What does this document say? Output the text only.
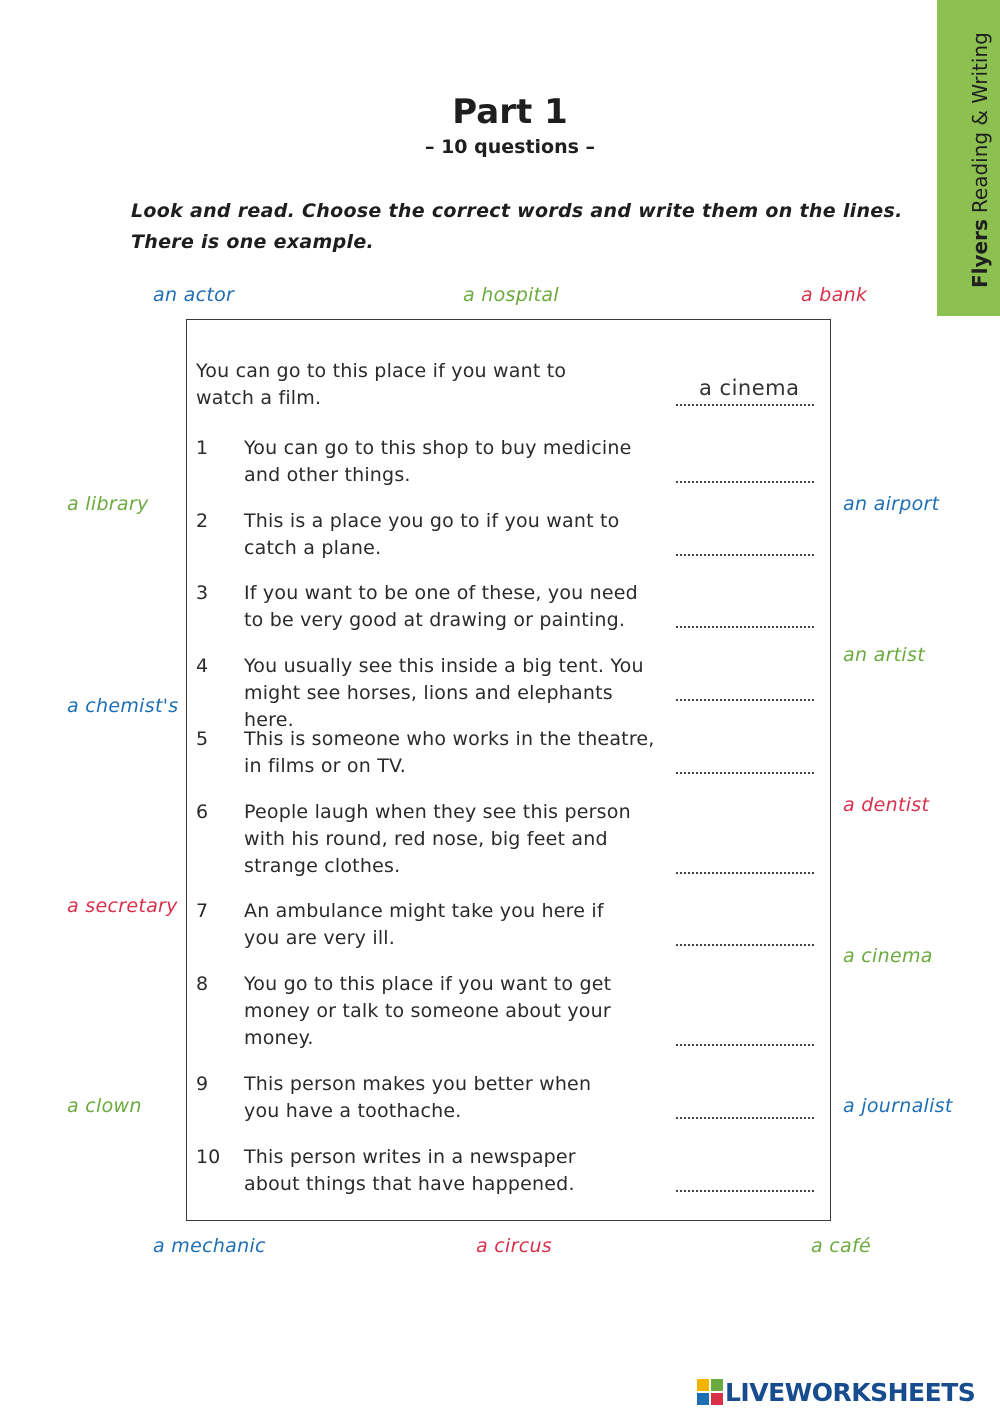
FlyersReading & Writing
Part 1
– 10 questions –
Look and read. Choose the correct words and write them on the lines.
There is one example.
an actor	a hospital	a bank
a library
a chemist's
a secretary
a clown
an airport
an artist
a dentist
a cinema
a journalist
a mechanic	a circus	a café
You can go to this place if you want to
watch a film.	a cinema
1 You can go to this shop to buy medicine
and other things.
2 This is a place you go to if you want to
catch a plane.
3 If you want to be one of these, you need
to be very good at drawing or painting.
4 You usually see this inside a big tent. You
might see horses, lions and elephants here.
5 This is someone who works in the theatre,
in films or on TV.
6 People laugh when they see this person
with his round, red nose, big feet and
strange clothes.
7 An ambulance might take you here if
you are very ill.
8 You go to this place if you want to get
money or talk to someone about your
money.
9 This person makes you better when
you have a toothache.
10 This person writes in a newspaper
about things that have happened.
LIVEWORKSHEETS
